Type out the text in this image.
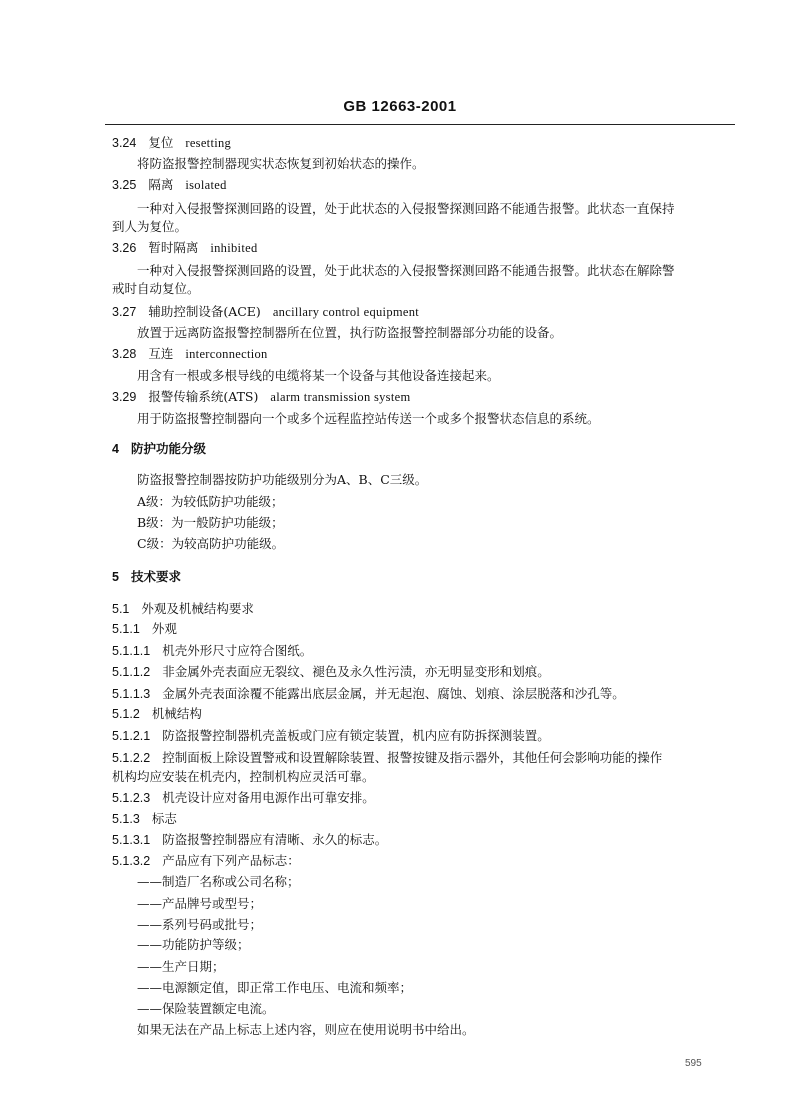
GB 12663-2001
3.24 复位 resetting
将防盗报警控制器现实状态恢复到初始状态的操作。
3.25 隔离 isolated
一种对入侵报警探测回路的设置，处于此状态的入侵报警探测回路不能通告报警。此状态一直保持
到人为复位。
3.26 暂时隔离 inhibited
一种对入侵报警探测回路的设置，处于此状态的入侵报警探测回路不能通告报警。此状态在解除警
戒时自动复位。
3.27 辅助控制设备(ACE) ancillary control equipment
放置于远离防盗报警控制器所在位置，执行防盗报警控制器部分功能的设备。
3.28 互连 interconnection
用含有一根或多根导线的电缆将某一个设备与其他设备连接起来。
3.29 报警传输系统(ATS) alarm transmission system
用于防盗报警控制器向一个或多个远程监控站传送一个或多个报警状态信息的系统。
4 防护功能分级
防盗报警控制器按防护功能级别分为A、B、C三级。
A级：为较低防护功能级；
B级：为一般防护功能级；
C级：为较高防护功能级。
5 技术要求
5.1 外观及机械结构要求
5.1.1 外观
5.1.1.1 机壳外形尺寸应符合图纸。
5.1.1.2 非金属外壳表面应无裂纹、褪色及永久性污渍，亦无明显变形和划痕。
5.1.1.3 金属外壳表面涂覆不能露出底层金属，并无起泡、腐蚀、划痕、涂层脱落和沙孔等。
5.1.2 机械结构
5.1.2.1 防盗报警控制器机壳盖板或门应有锁定装置，机内应有防拆探测装置。
5.1.2.2 控制面板上除设置警戒和设置解除装置、报警按键及指示器外，其他任何会影响功能的操作
机构均应安装在机壳内，控制机构应灵活可靠。
5.1.2.3 机壳设计应对备用电源作出可靠安排。
5.1.3 标志
5.1.3.1 防盗报警控制器应有清晰、永久的标志。
5.1.3.2 产品应有下列产品标志：
——制造厂名称或公司名称；
——产品牌号或型号；
——系列号码或批号；
——功能防护等级；
——生产日期；
——电源额定值，即正常工作电压、电流和频率；
——保险装置额定电流。
如果无法在产品上标志上述内容，则应在使用说明书中给出。
595
